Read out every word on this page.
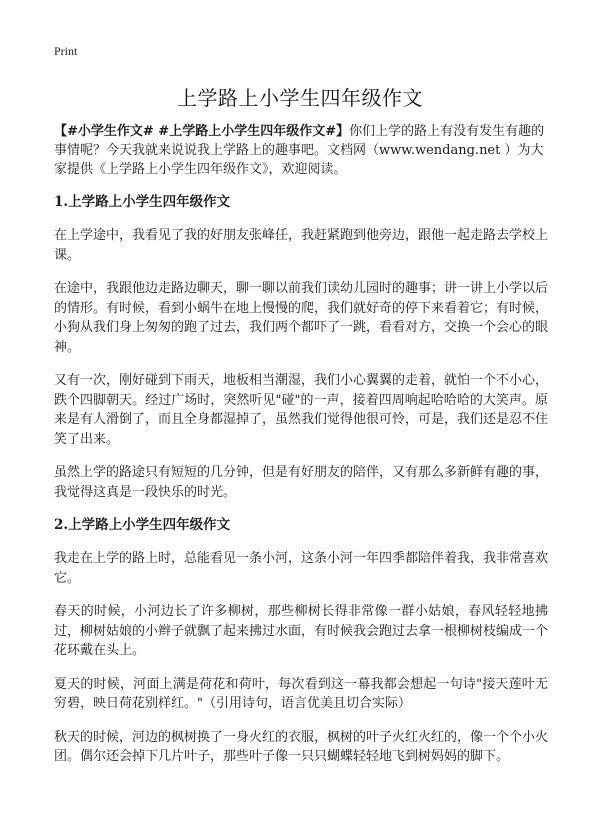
Print
上学路上小学生四年级作文

【#小学生作文# #上学路上小学生四年级作文#】你们上学的路上有没有发生有趣的事情呢？今天我就来说说我上学路上的趣事吧。文档网（www.wendang.net ）为大家提供《上学路上小学生四年级作文》，欢迎阅读。

1.上学路上小学生四年级作文

在上学途中，我看见了我的好朋友张峰任，我赶紧跑到他旁边，跟他一起走路去学校上课。

在途中，我跟他边走路边聊天，聊一聊以前我们读幼儿园时的趣事；讲一讲上小学以后的情形。有时候，看到小蜗牛在地上慢慢的爬，我们就好奇的停下来看着它；有时候，小狗从我们身上匆匆的跑了过去，我们两个都吓了一跳，看看对方，交换一个会心的眼神。

又有一次，刚好碰到下雨天，地板相当潮湿，我们小心翼翼的走着，就怕一个不小心，跌个四脚朝天。经过广场时，突然听见"碰"的一声，接着四周响起哈哈哈的大笑声。原来是有人滑倒了，而且全身都湿掉了，虽然我们觉得他很可怜，可是，我们还是忍不住笑了出来。

虽然上学的路途只有短短的几分钟，但是有好朋友的陪伴，又有那么多新鲜有趣的事，我觉得这真是一段快乐的时光。

2.上学路上小学生四年级作文

我走在上学的路上时，总能看见一条小河，这条小河一年四季都陪伴着我，我非常喜欢它。

春天的时候，小河边长了许多柳树，那些柳树长得非常像一群小姑娘，春风轻轻地拂过，柳树姑娘的小辫子就飘了起来拂过水面，有时候我会跑过去拿一根柳树枝编成一个花环戴在头上。

夏天的时候，河面上满是荷花和荷叶，每次看到这一幕我都会想起一句诗"接天莲叶无穷碧，映日荷花别样红。"（引用诗句，语言优美且切合实际）

秋天的时候，河边的枫树换了一身火红的衣服，枫树的叶子火红火红的，像一个个小火团。偶尔还会掉下几片叶子，那些叶子像一只只蝴蝶轻轻地飞到树妈妈的脚下。
